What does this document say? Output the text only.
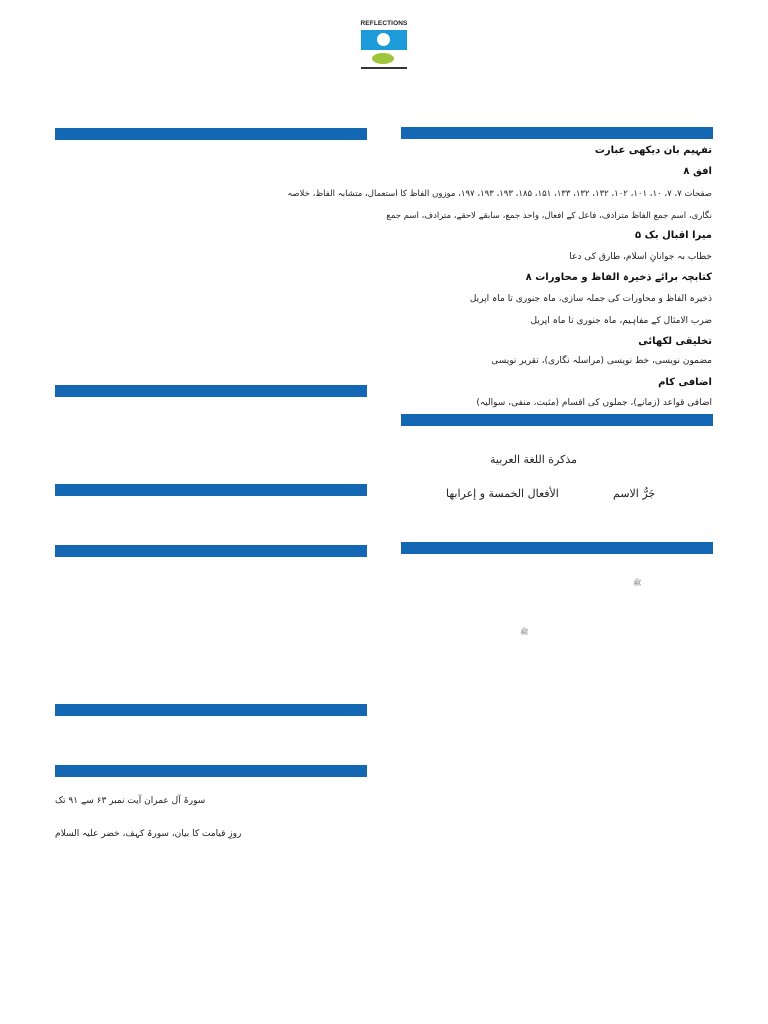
REFLECTIONS
تفہیم بان دیکھی عبارت
افق ۸
صفحات ۷، ۷، ۱۰، ۱۰۱، ۱۰۲، ۱۳۲، ۱۳۲، ۱۳۳، ۱۵۱، ۱۸۵، ۱۹۳، ۱۹۳، ۱۹۷، موزوں الفاظ کا استعمال، متشابہ الفاظ، خلاصہ
نگاری، اسم جمع الفاظ مترادف، فاعل کے افعال، واحد جمع، سابقے لاحقے، مترادف، اسم جمع
میرا اقبال بک ۵
خطاب بہ جوانانِ اسلام، طارق کی دعا
کتابچہ برائے ذخیرہ الفاظ و محاورات ۸
ذخیرہ الفاظ و محاورات کی جملہ سازی، ماہ جنوری تا ماہ اپریل
ضرب الامثال کے مفاہیم، ماہ جنوری تا ماہ اپریل
تخلیقی لکھائی
مضمون نویسی، خط نویسی (مراسلہ نگاری)، تقریر نویسی
اضافی کام
اضافی قواعد (زمانے)، جملوں کی اقسام (مثبت، منفی، سوالیہ)
مذكرة اللغة العربية
جَرُّ الاسم
الأفعال الخمسة و إعرابها
ﷺ
ﷺ
سورۃ آل عمران آیت نمبر ۶۳ سے ۹۱ تک
روزِ قیامت کا بیان، سورۃ کہف، خضر علیہ السلام
